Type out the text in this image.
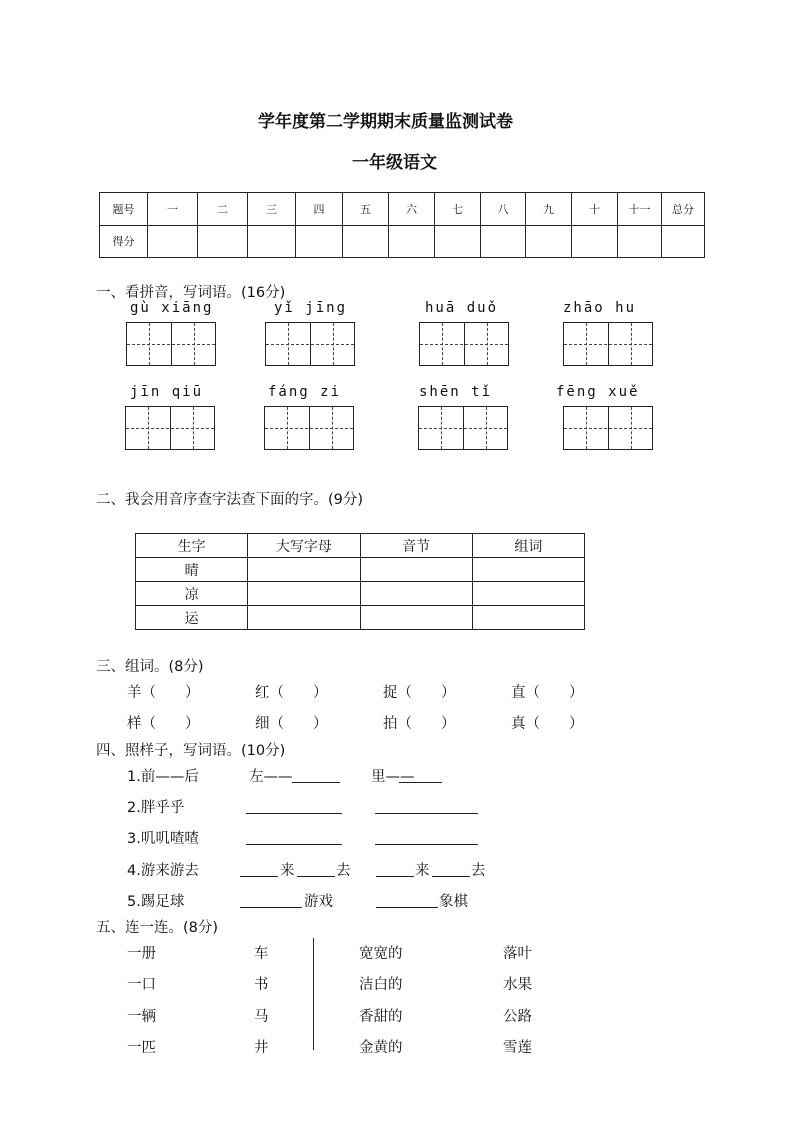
学年度第二学期期末质量监测试卷
一年级语文
题号	一	二	三	四	五	六	七	八	九	十	十一	总分
得分												
一、看拼音，写词语。(16分)
gù xiāng	yǐ jīng	huā duǒ	zhāo hu
jīn qiū	fáng zi	shēn tǐ	fēng xuě
二、我会用音序查字法查下面的字。(9分)
生字	大写字母	音节	组词
晴			
凉			
运			
三、组词。(8分)
羊（　　）	红（　　）	捉（　　）	直（　　）
样（　　）	细（　　）	拍（　　）	真（　　）
四、照样子，写词语。(10分)
1.前——后	左——	里——
2.胖乎乎
3.叽叽喳喳
4.游来游去	来	去	来	去
5.踢足球	游戏	象棋
五、连一连。(8分)
一册	车	宽宽的	落叶
一口	书	洁白的	水果
一辆	马	香甜的	公路
一匹	井	金黄的	雪莲
